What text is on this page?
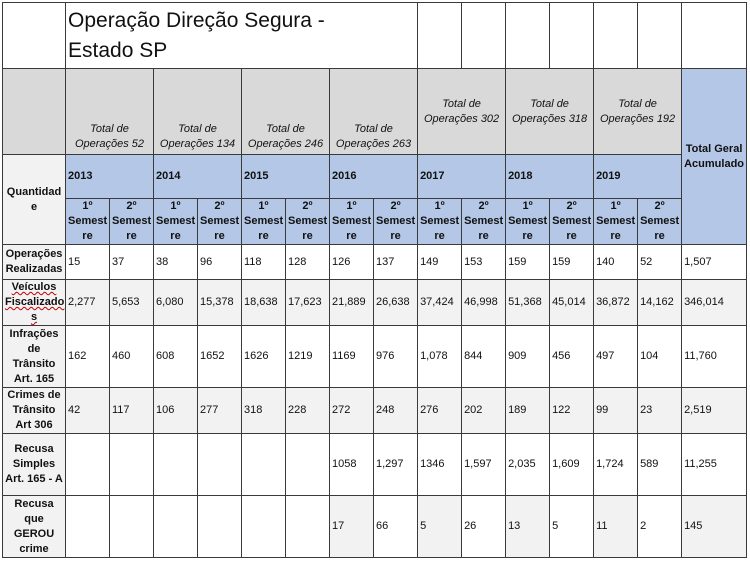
	Operação Direção Segura -
Estado SP														

	Total de Operações 52		Total de Operações 134		Total de Operações 246		Total de Operações 263		Total de Operações 302		Total de Operações 318		Total de Operações 192		Total Geral Acumulado
Quantidad e	2013		2014		2015		2016		2017		2018		2019		
	1º Semest re	2º Semest re	1º Semest re	2º Semest re	1º Semest re	2º Semest re	1º Semest re	2º Semest re	1º Semest re	2º Semest re	1º Semest re	2º Semest re	1º Semest re	2º Semest re	
Operações Realizadas	15	37	38	96	118	128	126	137	149	153	159	159	140	52	1,507
Veículos Fiscalizado s	2,277	5,653	6,080	15,378	18,638	17,623	21,889	26,638	37,424	46,998	51,368	45,014	36,872	14,162	346,014
Infrações de Trânsito Art. 165	162	460	608	1652	1626	1219	1169	976	1,078	844	909	456	497	104	11,760
Crimes de Trânsito Art 306	42	117	106	277	318	228	272	248	276	202	189	122	99	23	2,519
Recusa Simples Art. 165 - A							1058	1,297	1346	1,597	2,035	1,609	1,724	589	11,255
Recusa que GEROU crime							17	66	5	26	13	5	11	2	145
